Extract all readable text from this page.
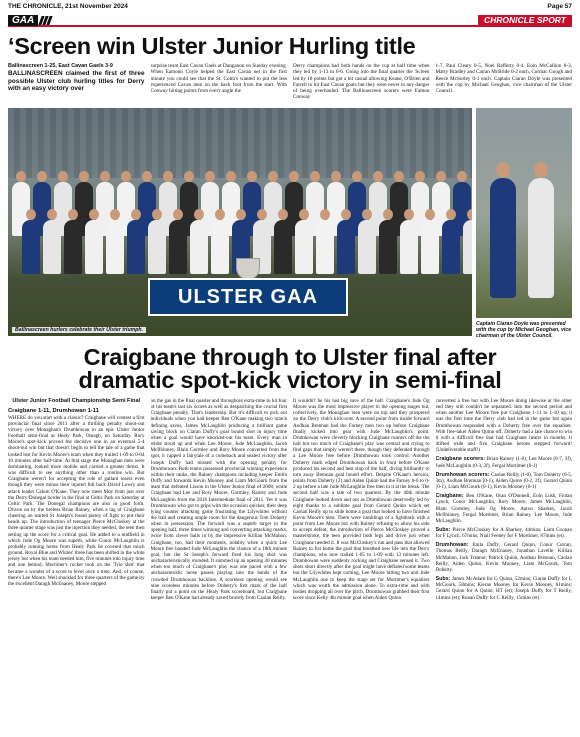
THE CHRONICLE, 21st November 2024	Page 57
GAA	CHRONICLE SPORT
‘Screen win Ulster Junior Hurling title

Ballinascreen 1-25, East Cavan Gaels 3-9

BALLINASCREEN claimed the first of three possible Ulster club hurling titles for Derry with an easy victory over

surprise team East Cavan Gaels at Dunganon on Sunday evening. When Eamonn Coyle helped the East Cavan net in the first minute you could see that the St. Colm's wanted to put the less experienced Cavan men on the back foot from the start. With Conway hitting points from every angle the

Derry champions had both hands on the cup at half time when they led by 1-13 to 0-6. Going into the final quarter the 'Screen led by 18 points but got a bit casual allowing Keane, O'Brien and Farrell to hit East Cavan goals but they were never in any danger of being overhauled. The Ballinascreen scorers were Eamon Conway

1-7, Paul Cleary 0-5, Noel Rafferty 0-4, Eoin McCallion 0-3, Marty Bradley and Cairan McBride 0-2 each, Cormac Gough and Reece McSorley 0-1 each. Captain Ciaran Doyle was presented with the cup by Michael Geoghan, vice chairman of the Ulster Council.

ULSTER GAA
Ballinascreen hurlers celebrate their Ulster triumph.
Captain Ciaran Doyle was presented with the cup by Michael Geoghan, vice chairman of the Ulster Council.
Craigbane through to Ulster final after
dramatic spot-kick victory in semi-final

Ulster Junior Football Championship Semi Final

Craigbane 1-11, Drumhowan 1-11

WHERE do you start with a classic? Craigbane will contest a first provincial final since 2011 after a thrilling penalty shoot-out victory over Monaghan's Drumhowan in an epic Ulster Junior Football semi-final at Healy Park, Omagh, on Saturday. Rory Moore's spot-kick proved the decisive one in an eventual 5-4 shoot-out win but that doesn't begin to tell the tale of a game that looked lost for Kevin Moore's team when they trailed 1-09 to 0-04 10 minutes after half-time. At that stage the Monaghan men were dominating, looked more mobile and carried a greater threat. It was difficult to see anything other than a routine win. But Craigbane weren't for accepting the role of gallant losers even though they were minus their injured full back David Lowry and attack leader Calum O'Kane. They now meet Moy from just over the Derry/Donegal border in the final at Celtic Park on Saturday at Celtic Park. The Donegal champions are also in good form. Driven on by the tireless Brian Rainey, when a tag of Craigbane cheering on started St Joseph's found plenty of fight to put their heads up. The introduction of teenager Pierce McCloskey at the three quarter stage was just the injection they needed, the teen then setting up the score for a critical goal. He added to a midfield in which Jude Og Moore was superb, while Conor McLaughlin is probably running home from Healy Park he covered that much ground. Royal Blue and Whites' three has been shifted in the white jersey but when his team needed him, five minutes into injury time and one behind, Mortimer's rocket took on the 'Trio shot' that became a wonder of a score to level once a time. And, of course, there's Lee Moore. Well shackled for three quarters of the game by the excellent Daragh McEnaney, Moore stepped

on the gas in the final quarter and throughout extra-time to hit four of his team's last six scores as well as despatching the crucial first Craigbane penalty. That's leadership. But it's difficult to pick out individuals when you had keeper Ben O'Kane making two match defining saves, James McLaughlin producing a brilliant game saving block on Ciaran Duffy's goal bound shot in injury time when a goal would have knocked-out his team. Every man in white stood up and when Lee Moore, Jude McLaughlin, Jacob McIlhinney, Blain Gormley and Rory Moore converted from the spot, it capped a fairytale of a comeback and sealed victory after Joseph Duffy had missed with the opening penalty for Drumhowan. Both teams possessed provincial winning experience within their ranks, the Rainey champions including keeper Emlin Duffy and forwards Kevin Mooney and Liam McGourk from the team that defeated Lisson in the Ulster Junior final of 2008, while Craigbane had Lee and Rory Moore, Gormley, Rainey and Jude McLaughlin from the 2016 Intermediate final of 2011. Yet it was Drumhowan who got to grips with the occasion quicker, their deep lying counter attacking game frustrating the Lilywhites without the ball and creating ample room for the dangerous Tom Doherty when in possession. The forward was a superb target in the opening half, three times winning and converting attacking marks, twice from clever balls in by the impressive Killian McMahon. Craigbane, too, had their moments, notably when a quick Lee Moore free handed Jude McLaughlin the chance of a 18th minute goal, but the St Joseph's forward fired his long shot was uncharacteristically rounded. It summed up an opening 30 minutes when too much of Craigbane's play was one paced with a few uncharacteristic loose passes playing into the hands of the crowded Drumhowan backline. A scoreless opening would see nine scoreless minutes before Doherty's first mark of the half finally put a point on the Healy Park scoreboard, but Craigbane keeper Ben O'Kane had already saved bravely from Caolan Reilly.

It wouldn't be his last big save of the half. Craigbane's Jude Og Moore was the most impressive player in the opening stages but, collectively, the Monaghan men were on top and they prospered on the Derry club's kick-outs. A second point from inside forward Aodhan Brennan had the Farney men two up before Craigbane finally kicked into gear with Jude McLaughlin's point. Drumhowan were cleverly blocking Craigbane runners off the the ball but too much of Craigbane's play was central and trying to find gaps that simply weren't there, though they defended through a Lee Moore free before Drumhowan took control. Another Doherty mark edged Drumhowan back in front before O'Kane produced his second and best stop of the half, diving brilliantly to turn away Brennan goal bound effort. Despite O'Kane's heroics, points from Doherty (2) and Aiden Quinn had the Farney 0-6 to 0-2 up before a late Jude McLaughlin free then in it at the break. The second half was a tale of two quarters. By the 40th minute Craigbane looked down and out as Drumhowan deservedly led by eight thanks to a sublime goal from Gerard Quinn which set Caolan Reilly up to slide home a goal that looked to have finished Kevin Moore's men. There were rumblings of a fightback with a point from Lee Moore but with Rainey refusing to allow his side to accept defeat, the introduction of Pierce McCloskey proved a masterstroke, the teen provided both legs and drive just when Craigbane needed it. It was McCloskey's run and pass that allowed Rainey to fist home the goal that breathed new life into the Derry champions, who now trailed 1-05 to 1-09 with 13 minutes left. Drumhowan were suddenly rocking and Craigbane sensed it. Two shots short directly after the goal might have deflated some teams but the Lilywhites kept coming, Lee Moore hitting two and Jude McLaughlin one to keep the stage set for Mortimer's equaliser which was worth the admission alone. To extra-time and with bodies dropping all over the pitch, Drumhowan grabbed their first score since Kelly 4th minute goal when Aiden Quinn

converted a free but with Lee Moore doing likewise at the other end they still couldn't be separated. Into the second period and when another Lee Moore free put Craigbane 1-11 to 1-10 up, it was the first time the Derry club had led in the game but again Drumhowan responded with a Doherty free over the equaliser. With free-taker Aiden Quinn off, Doherty had a late chance to win it with a difficult free that had Craigbane hearts in mouths. It drifted wide and five Craigbane heroes stepped forward! (Undeliverable stuff!)

Craigbane scorers: Brian Rainey (1-0), Lee Moore (0-7, 3f), Jude McLaughlin (0-3, 2f), Fergal Mortimer (0-1)

Drumhowan scorers: Caolan Reilly (1-0), Tom Doherty (0-5, 3m), Aodhan Brennan (0-1), Aiden Quinn (0-2, 2f), Gerard Quinn (0-1), Liam McGourk (0-1), Kevin Mooney (0-1)

Craigbane: Ben O'Kane, Oran O'Donnell, Eoin Lush, Fintan Lynch, Conor McLaughlin, Rory Moore, James McLaughlin, Blain Gormley, Jude Og Moore, Aaron Sharkey, Jacob McIlhinney, Fergal Mortimer, Brian Rainey, Lee Moore, Jude McLaughlin.

Subs: Pierce McCloskey for A Sharkey, 44mins; Liam Coonan for F Lynch, 67mins; Niall Feeney for F Mortimer, 87mins (et).

Drumhowan: Emla Duffy, Gerard Quinn, Conor Curran, Thomas Reilly, Daragh McEnaney, Jonathan Lavelle, Killian McMahon, Jack Treanor, Patrick Quinn, Aodhan Brennan, Caolan Reilly, Aiden Quinn, Kevin Mooney, Liam McGourk, Tom Doherty.

Subs: James McAdam for G Quinn, 52mins; Ciaran Duffy for L McGourk, 58mins; Kieran Mooney for Kevin Mooney, 61mins; Gerard Quinn for A Quinn, HT (et); Joseph Duffy for T Reilly, 14mins (et); Ronan Duffy for C Reilly, 15mins (et).
